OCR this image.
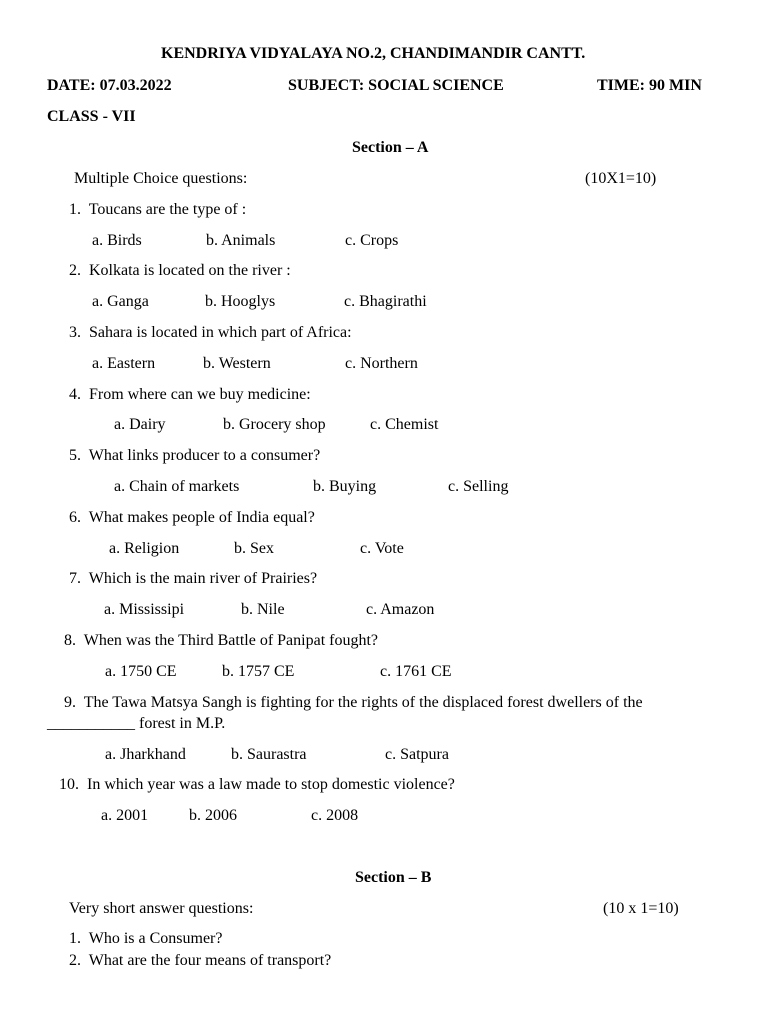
KENDRIYA VIDYALAYA NO.2, CHANDIMANDIR CANTT.
DATE: 07.03.2022	SUBJECT: SOCIAL SCIENCE	TIME: 90 MIN
CLASS - VII
Section – A
Multiple Choice questions:	(10X1=10)
1. Toucans are the type of :
a. Birds	b. Animals	c. Crops
2. Kolkata is located on the river :
a. Ganga	b. Hooglys	c. Bhagirathi
3. Sahara is located in which part of Africa:
a. Eastern	b. Western	c. Northern
4. From where can we buy medicine:
a. Dairy	b. Grocery shop	c. Chemist
5. What links producer to a consumer?
a. Chain of markets	b. Buying	c. Selling
6. What makes people of India equal?
a. Religion	b. Sex	c. Vote
7. Which is the main river of Prairies?
a. Mississipi	b. Nile	c. Amazon
8. When was the Third Battle of Panipat fought?
a. 1750 CE	b. 1757 CE	c. 1761 CE
9. The Tawa Matsya Sangh is fighting for the rights of the displaced forest dwellers of the
___________ forest in M.P.
a. Jharkhand	b. Saurastra	c. Satpura
10. In which year was a law made to stop domestic violence?
a. 2001	b. 2006	c. 2008
Section – B
Very short answer questions:	(10 x 1=10)
1. Who is a Consumer?
2. What are the four means of transport?
